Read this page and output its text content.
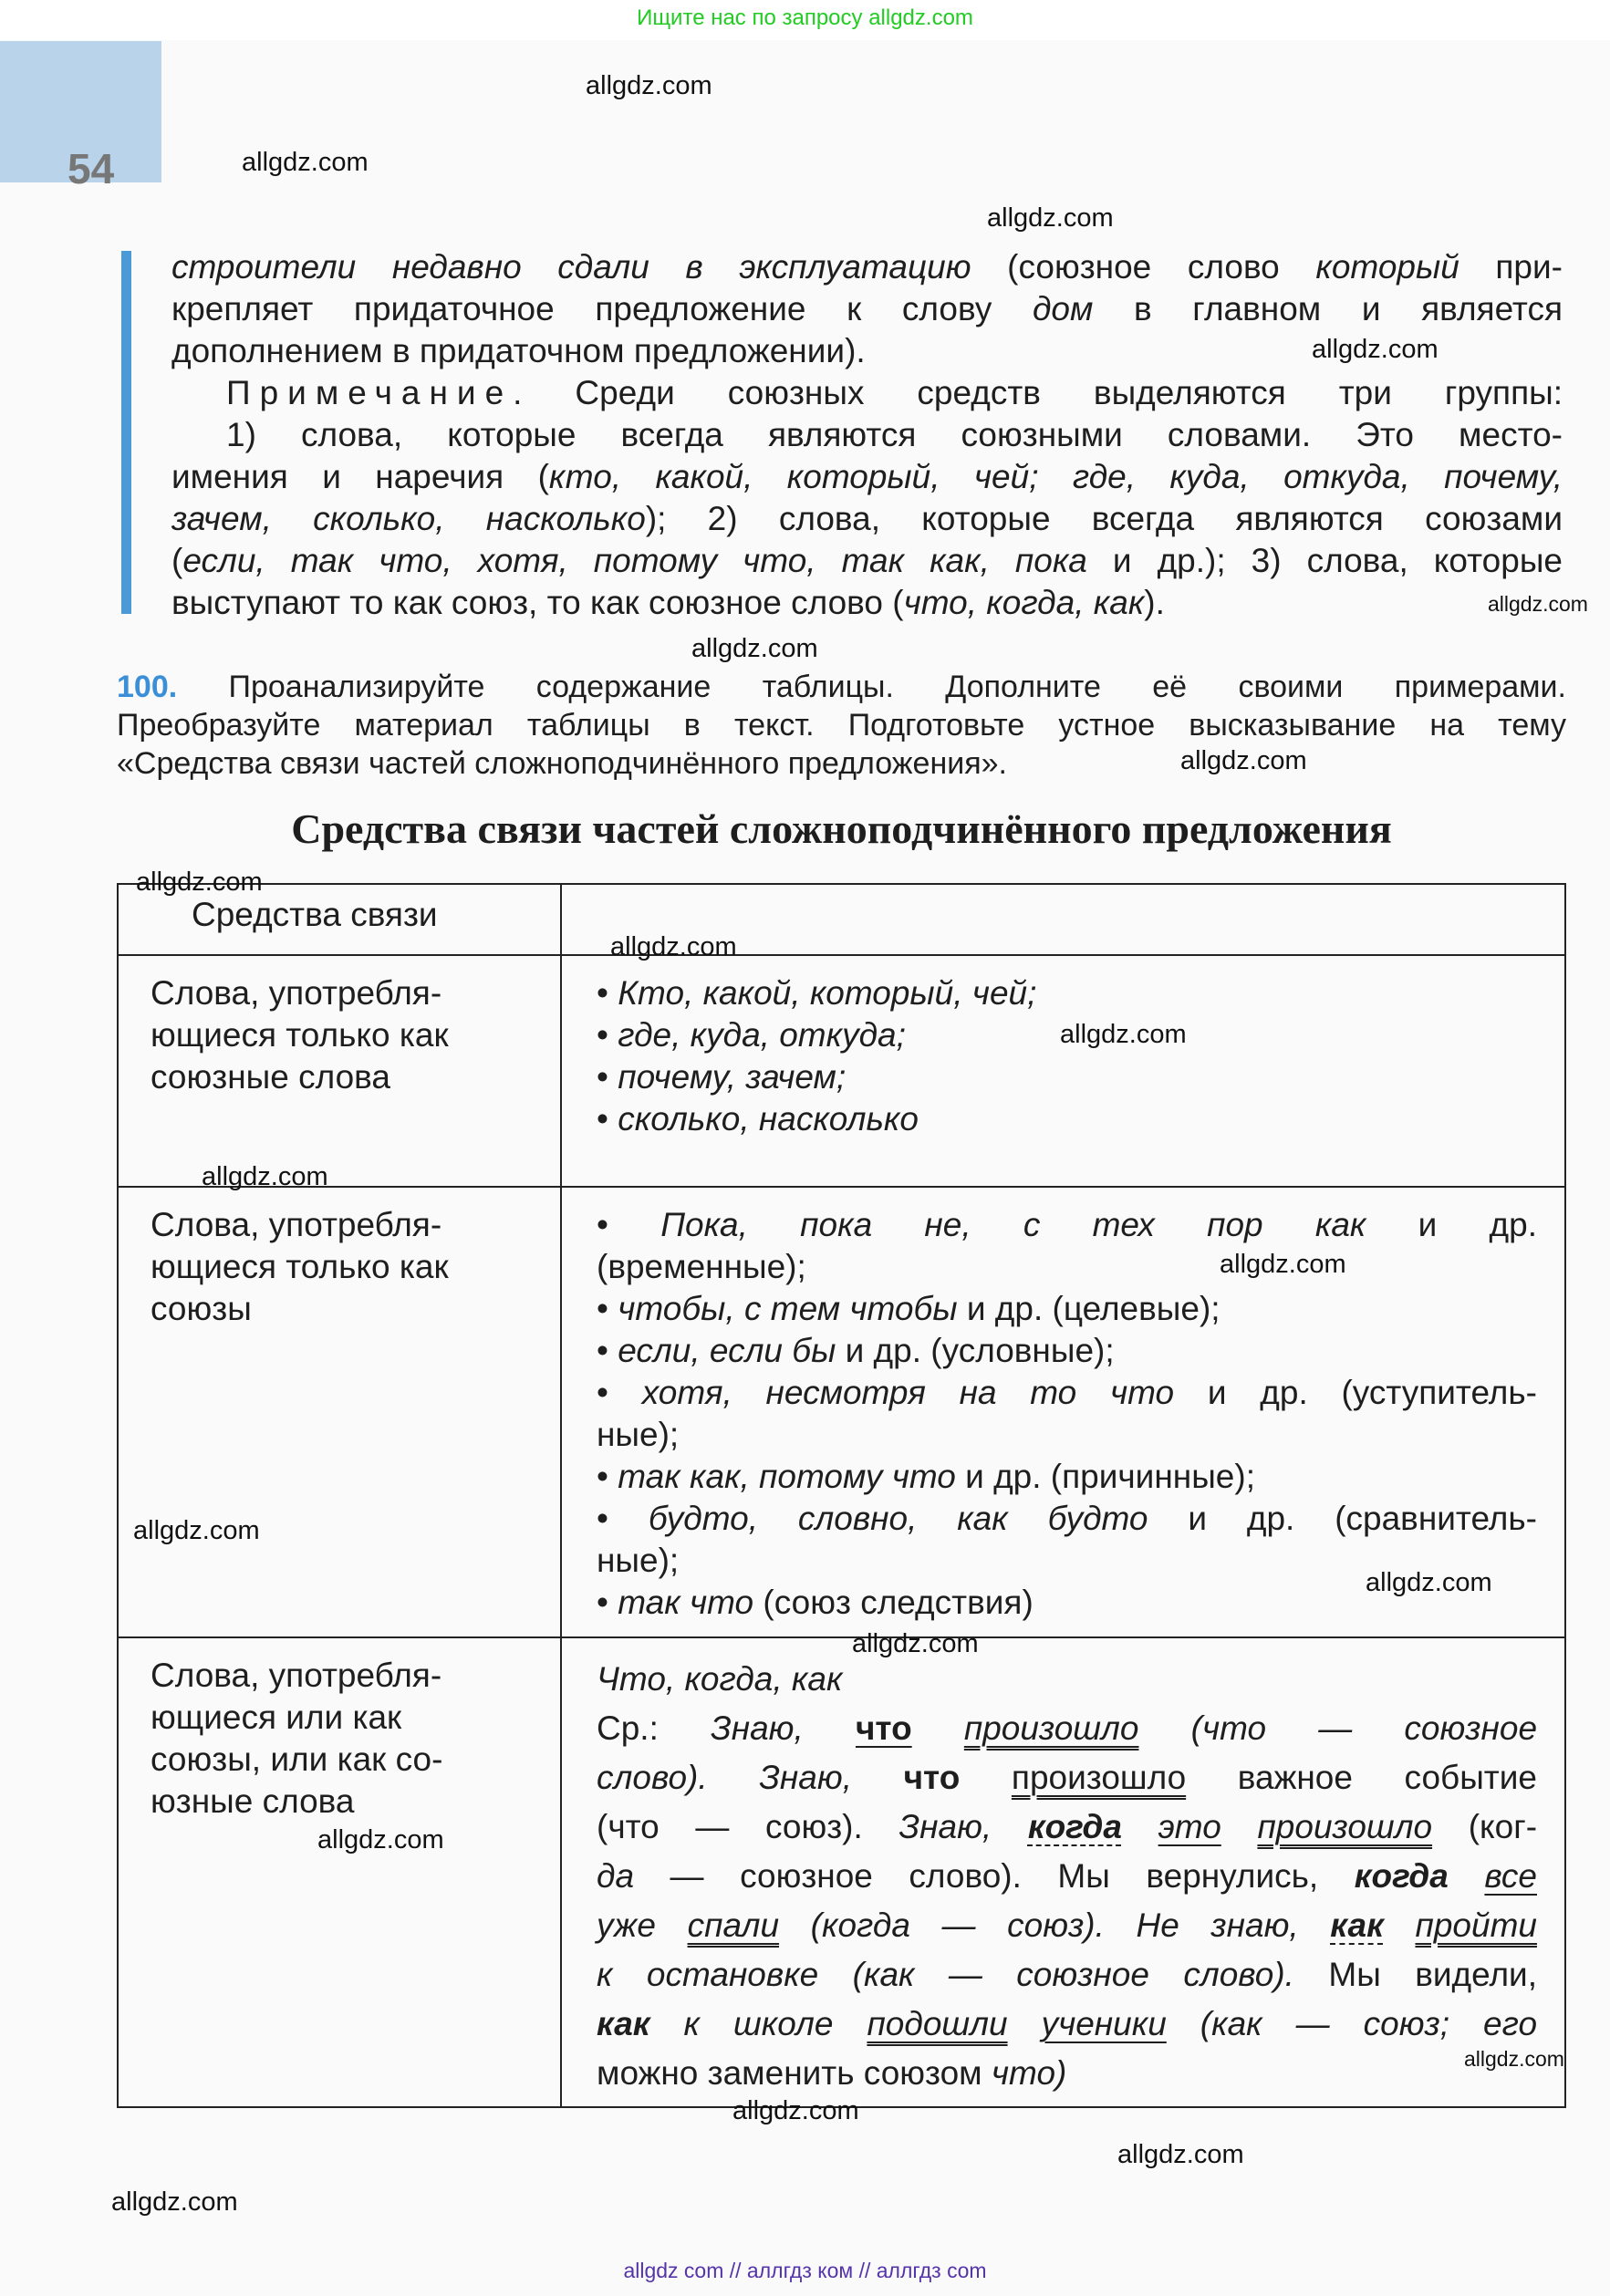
Ищите нас по запросу allgdz.com
54
строители недавно сдали в эксплуатацию (союзное слово который при-
крепляет придаточное предложение к слову дом в главном и является
дополнением в придаточном предложении).
Примечание. Среди союзных средств выделяются три группы:
1) слова, которые всегда являются союзными словами. Это место-
имения и наречия (кто, какой, который, чей; где, куда, откуда, почему,
зачем, сколько, насколько); 2) слова, которые всегда являются союзами
(если, так что, хотя, потому что, так как, пока и др.); 3) слова, которые
выступают то как союз, то как союзное слово (что, когда, как).
100. Проанализируйте содержание таблицы. Дополните её своими примерами.
Преобразуйте материал таблицы в текст. Подготовьте устное высказывание на тему
«Средства связи частей сложноподчинённого предложения».
Средства связи частей сложноподчинённого предложения
Средства связи
Слова, употребля-
ющиеся только как
союзные слова
• Кто, какой, который, чей;
• где, куда, откуда;
• почему, зачем;
• сколько, насколько
Слова, употребля-
ющиеся только как
союзы
• Пока, пока не, с тех пор как и др.
(временные);
• чтобы, с тем чтобы и др. (целевые);
• если, если бы и др. (условные);
• хотя, несмотря на то что и др. (уступитель-
ные);
• так как, потому что и др. (причинные);
• будто, словно, как будто и др. (сравнитель-
ные);
• так что (союз следствия)
Слова, употребля-
ющиеся или как
союзы, или как со-
юзные слова
Что, когда, как
Ср.: Знаю, что произошло (что — союзное
слово). Знаю, что произошло важное событие
(что — союз). Знаю, когда это произошло (ког-
да — союзное слово). Мы вернулись, когда все
уже спали (когда — союз). Не знаю, как пройти
к остановке (как — союзное слово). Мы видели,
как к школе подошли ученики (как — союз; его
можно заменить союзом что)
allgdz.com
allgdz.com
allgdz.com
allgdz.com
allgdz.com
allgdz.com
allgdz.com
allgdz.com
allgdz.com
allgdz.com
allgdz.com
allgdz.com
allgdz.com
allgdz.com
allgdz.com
allgdz.com
allgdz.com
allgdz.com
allgdz.com
allgdz.com
allgdz com // аллгдз ком // аллгдз com
